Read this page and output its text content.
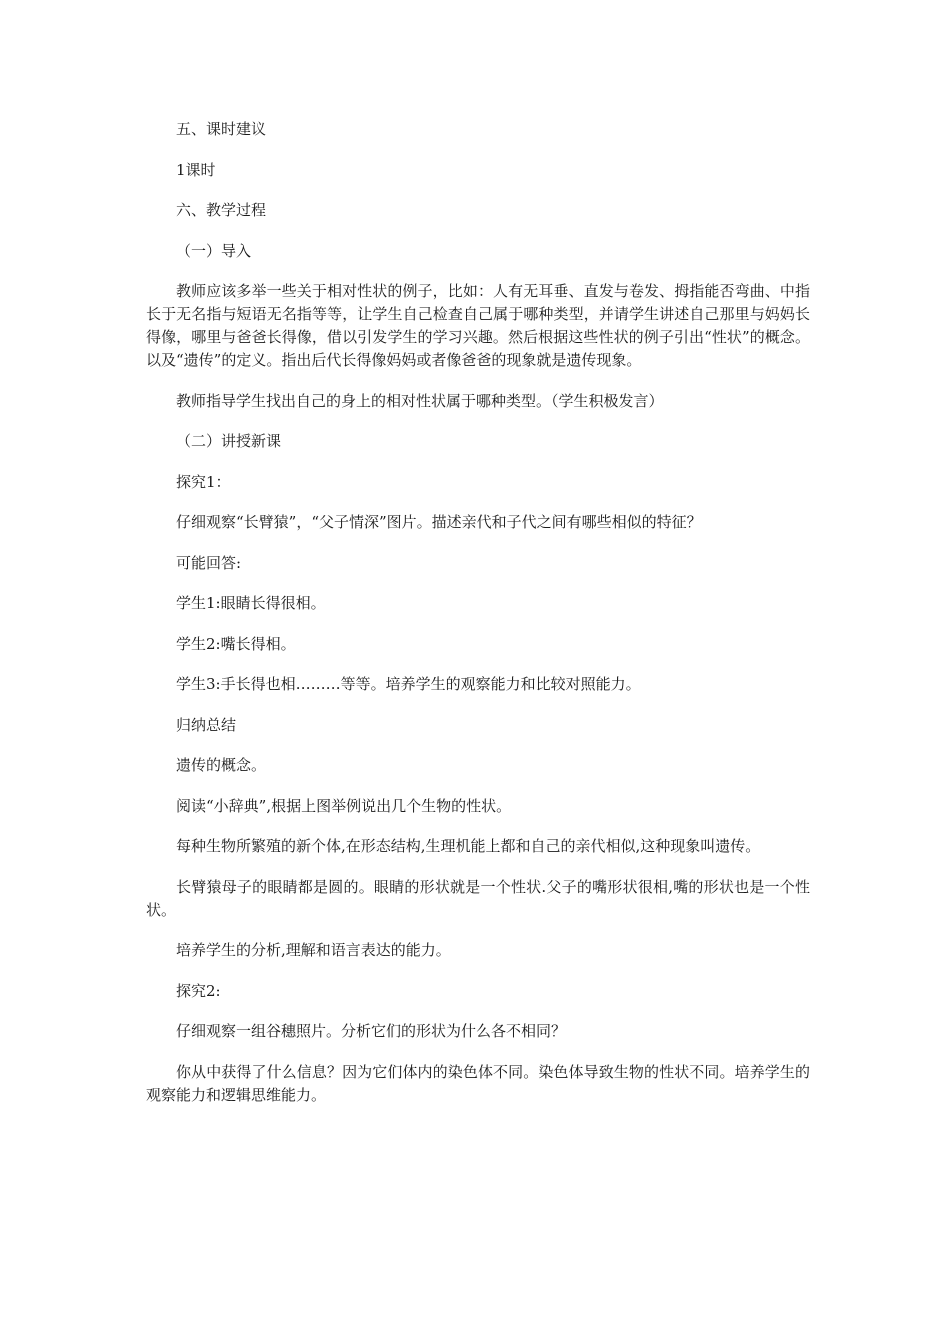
五、课时建议

1课时

六、教学过程

（一）导入

教师应该多举一些关于相对性状的例子，比如：人有无耳垂、直发与卷发、拇指能否弯曲、中指长于无名指与短语无名指等等，让学生自己检查自己属于哪种类型，并请学生讲述自己那里与妈妈长得像，哪里与爸爸长得像，借以引发学生的学习兴趣。然后根据这些性状的例子引出“性状”的概念。以及“遗传”的定义。指出后代长得像妈妈或者像爸爸的现象就是遗传现象。

教师指导学生找出自己的身上的相对性状属于哪种类型。（学生积极发言）

（二）讲授新课

探究1：

仔细观察“长臂猿”，“父子情深”图片。描述亲代和子代之间有哪些相似的特征？

可能回答:

学生1:眼睛长得很相。

学生2:嘴长得相。

学生3:手长得也相………等等。培养学生的观察能力和比较对照能力。

归纳总结

遗传的概念。

阅读“小辞典”,根据上图举例说出几个生物的性状。

每种生物所繁殖的新个体,在形态结构,生理机能上都和自己的亲代相似,这种现象叫遗传。

长臂猿母子的眼睛都是圆的。眼睛的形状就是一个性状.父子的嘴形状很相,嘴的形状也是一个性状。

培养学生的分析,理解和语言表达的能力。

探究2:

仔细观察一组谷穗照片。分析它们的形状为什么各不相同？

你从中获得了什么信息？因为它们体内的染色体不同。染色体导致生物的性状不同。培养学生的观察能力和逻辑思维能力。
